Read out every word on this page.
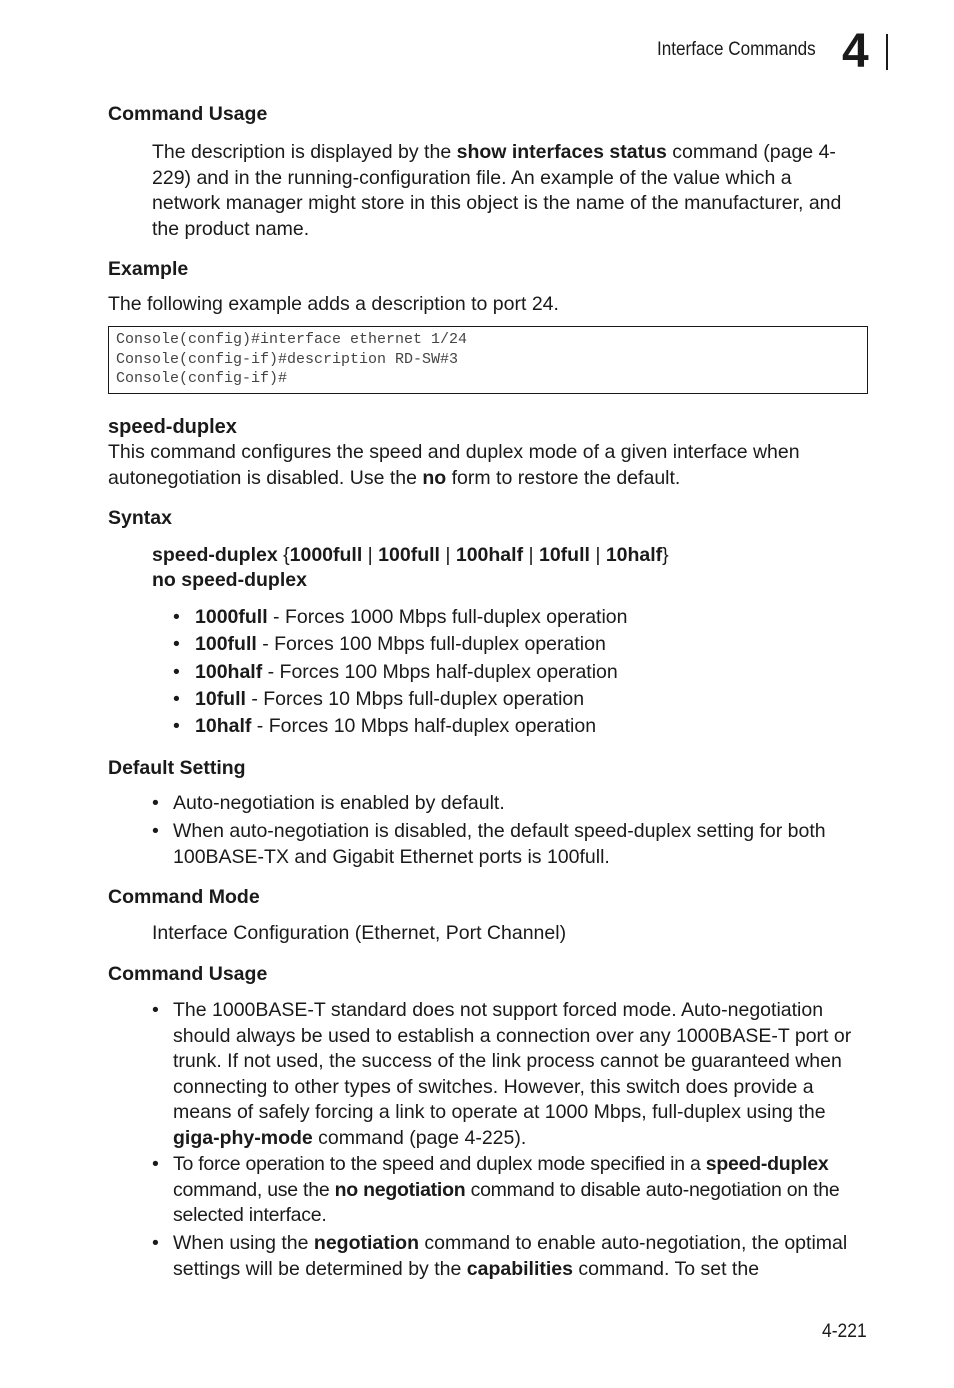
Interface Commands 4
Command Usage
The description is displayed by the show interfaces status command (page 4-229) and in the running-configuration file. An example of the value which a network manager might store in this object is the name of the manufacturer, and the product name.
Example
The following example adds a description to port 24.
Console(config)#interface ethernet 1/24
Console(config-if)#description RD-SW#3
Console(config-if)#
speed-duplex
This command configures the speed and duplex mode of a given interface when autonegotiation is disabled. Use the no form to restore the default.
Syntax
speed-duplex {1000full | 100full | 100half | 10full | 10half}
no speed-duplex
• 1000full - Forces 1000 Mbps full-duplex operation
• 100full - Forces 100 Mbps full-duplex operation
• 100half - Forces 100 Mbps half-duplex operation
• 10full - Forces 10 Mbps full-duplex operation
• 10half - Forces 10 Mbps half-duplex operation
Default Setting
• Auto-negotiation is enabled by default.
• When auto-negotiation is disabled, the default speed-duplex setting for both 100BASE-TX and Gigabit Ethernet ports is 100full.
Command Mode
Interface Configuration (Ethernet, Port Channel)
Command Usage
• The 1000BASE-T standard does not support forced mode. Auto-negotiation should always be used to establish a connection over any 1000BASE-T port or trunk. If not used, the success of the link process cannot be guaranteed when connecting to other types of switches. However, this switch does provide a means of safely forcing a link to operate at 1000 Mbps, full-duplex using the giga-phy-mode command (page 4-225).
• To force operation to the speed and duplex mode specified in a speed-duplex command, use the no negotiation command to disable auto-negotiation on the selected interface.
• When using the negotiation command to enable auto-negotiation, the optimal settings will be determined by the capabilities command. To set the
4-221
